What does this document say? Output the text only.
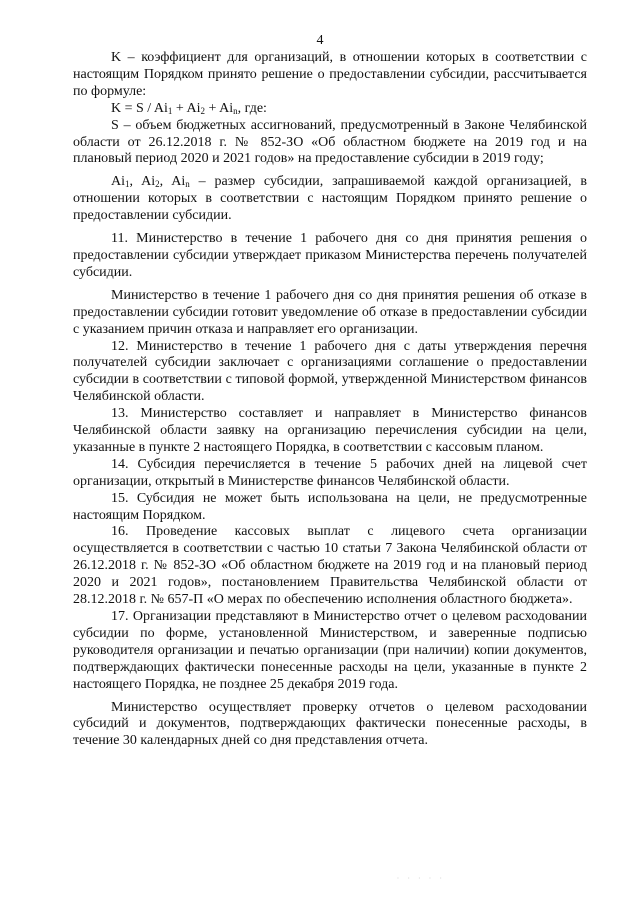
4

K – коэффициент для организаций, в отношении которых в соответствии с настоящим Порядком принято решение о предоставлении субсидии, рассчитывается по формуле:

$K = S / Ai_1 + Ai_2 + Ai_n$, где:

S – объем бюджетных ассигнований, предусмотренный в Законе Челябинской области от 26.12.2018 г. № 852-ЗО «Об областном бюджете на 2019 год и на плановый период 2020 и 2021 годов» на предоставление субсидии в 2019 году;

$Ai_1$, $Ai_2$, $Ai_n$ – размер субсидии, запрашиваемой каждой организацией, в отношении которых в соответствии с настоящим Порядком принято решение о предоставлении субсидии.

11. Министерство в течение 1 рабочего дня со дня принятия решения о предоставлении субсидии утверждает приказом Министерства перечень получателей субсидии.

Министерство в течение 1 рабочего дня со дня принятия решения об отказе в предоставлении субсидии готовит уведомление об отказе в предоставлении субсидии с указанием причин отказа и направляет его организации.

12. Министерство в течение 1 рабочего дня с даты утверждения перечня получателей субсидии заключает с организациями соглашение о предоставлении субсидии в соответствии с типовой формой, утвержденной Министерством финансов Челябинской области.

13. Министерство составляет и направляет в Министерство финансов Челябинской области заявку на организацию перечисления субсидии на цели, указанные в пункте 2 настоящего Порядка, в соответствии с кассовым планом.

14. Субсидия перечисляется в течение 5 рабочих дней на лицевой счет организации, открытый в Министерстве финансов Челябинской области.

15. Субсидия не может быть использована на цели, не предусмотренные настоящим Порядком.

16. Проведение кассовых выплат с лицевого счета организации осуществляется в соответствии с частью 10 статьи 7 Закона Челябинской области от 26.12.2018 г. № 852-ЗО «Об областном бюджете на 2019 год и на плановый период 2020 и 2021 годов», постановлением Правительства Челябинской области от 28.12.2018 г. № 657-П «О мерах по обеспечению исполнения областного бюджета».

17. Организации представляют в Министерство отчет о целевом расходовании субсидии по форме, установленной Министерством, и заверенные подписью руководителя организации и печатью организации (при наличии) копии документов, подтверждающих фактически понесенные расходы на цели, указанные в пункте 2 настоящего Порядка, не позднее 25 декабря 2019 года.

Министерство осуществляет проверку отчетов о целевом расходовании субсидий и документов, подтверждающих фактически понесенные расходы, в течение 30 календарных дней со дня представления отчета.

·····
